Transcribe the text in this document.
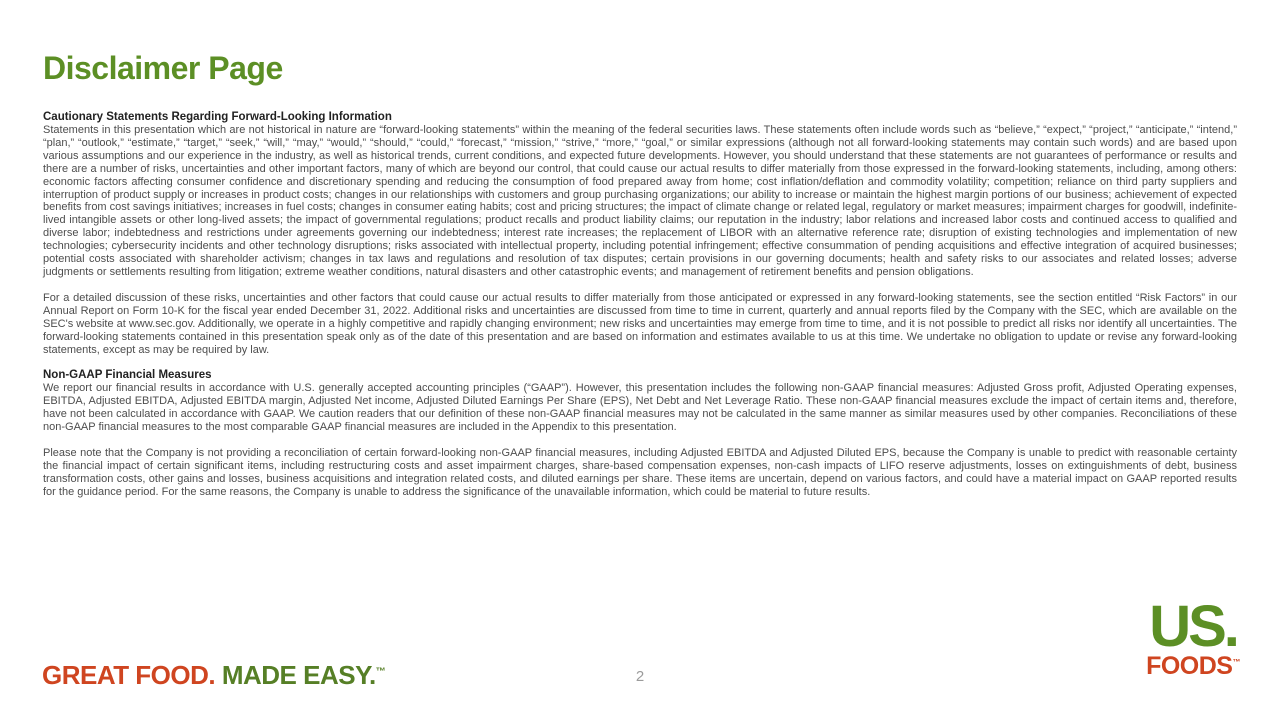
Disclaimer Page
Cautionary Statements Regarding Forward-Looking Information

Statements in this presentation which are not historical in nature are “forward-looking statements” within the meaning of the federal securities laws. These statements often include words such as “believe,” “expect,” “project,” “anticipate,” “intend,” “plan,” “outlook,” “estimate,” “target,” “seek,” “will,” “may,” “would,” “should,” “could,” “forecast,” “mission,” “strive,” “more,” “goal,” or similar expressions (although not all forward-looking statements may contain such words) and are based upon various assumptions and our experience in the industry, as well as historical trends, current conditions, and expected future developments. However, you should understand that these statements are not guarantees of performance or results and there are a number of risks, uncertainties and other important factors, many of which are beyond our control, that could cause our actual results to differ materially from those expressed in the forward-looking statements, including, among others: economic factors affecting consumer confidence and discretionary spending and reducing the consumption of food prepared away from home; cost inflation/deflation and commodity volatility; competition; reliance on third party suppliers and interruption of product supply or increases in product costs; changes in our relationships with customers and group purchasing organizations; our ability to increase or maintain the highest margin portions of our business; achievement of expected benefits from cost savings initiatives; increases in fuel costs; changes in consumer eating habits; cost and pricing structures; the impact of climate change or related legal, regulatory or market measures; impairment charges for goodwill, indefinite-lived intangible assets or other long-lived assets; the impact of governmental regulations; product recalls and product liability claims; our reputation in the industry; labor relations and increased labor costs and continued access to qualified and diverse labor; indebtedness and restrictions under agreements governing our indebtedness; interest rate increases; the replacement of LIBOR with an alternative reference rate; disruption of existing technologies and implementation of new technologies; cybersecurity incidents and other technology disruptions; risks associated with intellectual property, including potential infringement; effective consummation of pending acquisitions and effective integration of acquired businesses; potential costs associated with shareholder activism; changes in tax laws and regulations and resolution of tax disputes; certain provisions in our governing documents; health and safety risks to our associates and related losses; adverse judgments or settlements resulting from litigation; extreme weather conditions, natural disasters and other catastrophic events; and management of retirement benefits and pension obligations.

For a detailed discussion of these risks, uncertainties and other factors that could cause our actual results to differ materially from those anticipated or expressed in any forward-looking statements, see the section entitled “Risk Factors” in our Annual Report on Form 10-K for the fiscal year ended December 31, 2022. Additional risks and uncertainties are discussed from time to time in current, quarterly and annual reports filed by the Company with the SEC, which are available on the SEC's website at www.sec.gov. Additionally, we operate in a highly competitive and rapidly changing environment; new risks and uncertainties may emerge from time to time, and it is not possible to predict all risks nor identify all uncertainties. The forward-looking statements contained in this presentation speak only as of the date of this presentation and are based on information and estimates available to us at this time. We undertake no obligation to update or revise any forward-looking statements, except as may be required by law.

Non-GAAP Financial Measures

We report our financial results in accordance with U.S. generally accepted accounting principles (“GAAP”). However, this presentation includes the following non-GAAP financial measures: Adjusted Gross profit, Adjusted Operating expenses, EBITDA, Adjusted EBITDA, Adjusted EBITDA margin, Adjusted Net income, Adjusted Diluted Earnings Per Share (EPS), Net Debt and Net Leverage Ratio. These non-GAAP financial measures exclude the impact of certain items and, therefore, have not been calculated in accordance with GAAP. We caution readers that our definition of these non-GAAP financial measures may not be calculated in the same manner as similar measures used by other companies. Reconciliations of these non-GAAP financial measures to the most comparable GAAP financial measures are included in the Appendix to this presentation.

Please note that the Company is not providing a reconciliation of certain forward-looking non-GAAP financial measures, including Adjusted EBITDA and Adjusted Diluted EPS, because the Company is unable to predict with reasonable certainty the financial impact of certain significant items, including restructuring costs and asset impairment charges, share-based compensation expenses, non-cash impacts of LIFO reserve adjustments, losses on extinguishments of debt, business transformation costs, other gains and losses, business acquisitions and integration related costs, and diluted earnings per share. These items are uncertain, depend on various factors, and could have a material impact on GAAP reported results for the guidance period. For the same reasons, the Company is unable to address the significance of the unavailable information, which could be material to future results.

GREAT FOOD. MADE EASY.™	2
US.
FOODS™
